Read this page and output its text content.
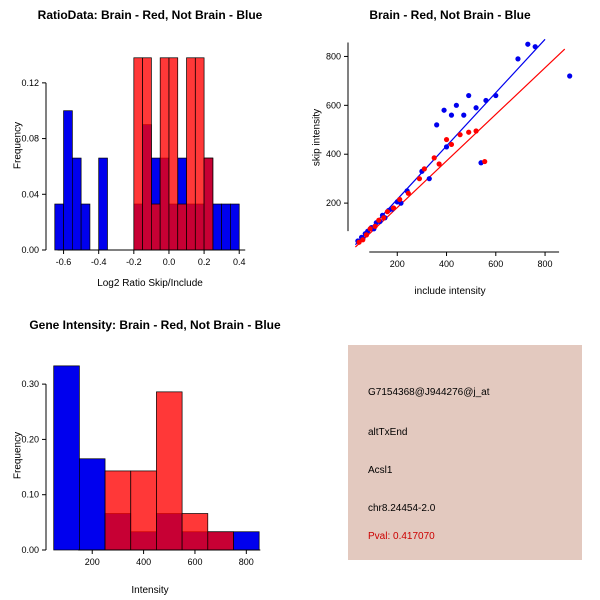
RatioData: Brain - Red, Not Brain - Blue
-0.6 -0.4 -0.2 0.0	0.2	0.4
0.00
0.04
0.08
0.12
Log2 Ratio Skip/Include
Frequency
Brain - Red, Not Brain - Blue
200	400	600	800
200
400
600
800
include intensity
skip intensity
Gene Intensity: Brain - Red, Not Brain - Blue
200	400	600	800
0.00
0.10
0.20
0.30
Intensity
Frequency
G7154368@J944276@j_at
altTxEnd
Acsl1
chr8.24454-2.0
Pval: 0.417070
